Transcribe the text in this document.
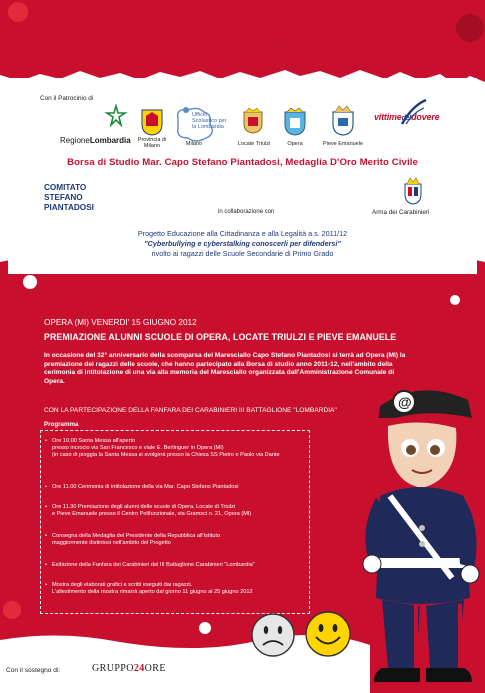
Il Presidente della Repubblica Giorgio Napolitano ha conferito all'iniziativa
una propria medaglia di rappresentanza
Con il Patrocinio di
RegioneLombardia	Provincia di Milano
Ufficio Scolastico per la Lombardia
Milano	Locate Triulzi	Opera	Pieve Emanuele
vittimedeldovere
Borsa di Studio Mar. Capo Stefano Piantadosi, Medaglia D'Oro Merito Civile
COMITATO
STEFANO
PIANTADOSI	in collaborazione con	Arma dei Carabinieri
Progetto Educazione alla Cittadinanza e alla Legalità a.s. 2011/12
"Cyberbullying e cyberstalking conoscerli per difendersi"
rivolto ai ragazzi delle Scuole Secondarie di Primo Grado
OPERA (MI) VENERDI' 15 GIUGNO 2012
PREMIAZIONE ALUNNI SCUOLE DI OPERA, LOCATE TRIULZI E PIEVE EMANUELE
In occasione del 32° anniversario della scomparsa del Maresciallo Capo Stefano Piantadosi si terrà ad Opera (MI) la premiazione dei ragazzi delle scuole, che hanno partecipato alla Borsa di studio anno 2011-12, nell'ambito della cerimonia di intitolazione di una via alla memoria del Maresciallo organizzata dall'Amministrazione Comunale di Opera.
CON LA PARTECIPAZIONE DELLA FANFARA DEI CARABINIERI III BATTAGLIONE "LOMBARDIA"
Programma
• Ore 10.00 Santa Messa all'aperto
presso incrocio via San Francesco e viale E. Berlinguer in Opera (MI)
(in caso di pioggia la Santa Messa si svolgerà presso la Chiesa SS Pietro e Paolo via Dante
• Ore 11.00 Cerimonia di intitolazione della via Mar. Capo Stefano Piantadosi
• Ore 11.30 Premiazione degli alunni delle scuole di Opera, Locate di Triulzi
e Pieve Emanuele presso il Centro Polifunzionale, via Gramsci n. 21, Opera (MI)
• Consegna della Medaglia del Presidente della Repubblica all'Istituto
maggiormente distintosi nell'ambito del Progetto
• Esibizione della Fanfara dei Carabinieri del III Battaglione Carabinieri "Lombardia"
• Mostra degli elaborati grafici e scritti eseguiti dai ragazzi.
L'allestimento della mostra rimarrà aperto dal giorno 11 giugno al 25 giugno 2012
@
Con il sostegno di:	GRUPPO24ORE
